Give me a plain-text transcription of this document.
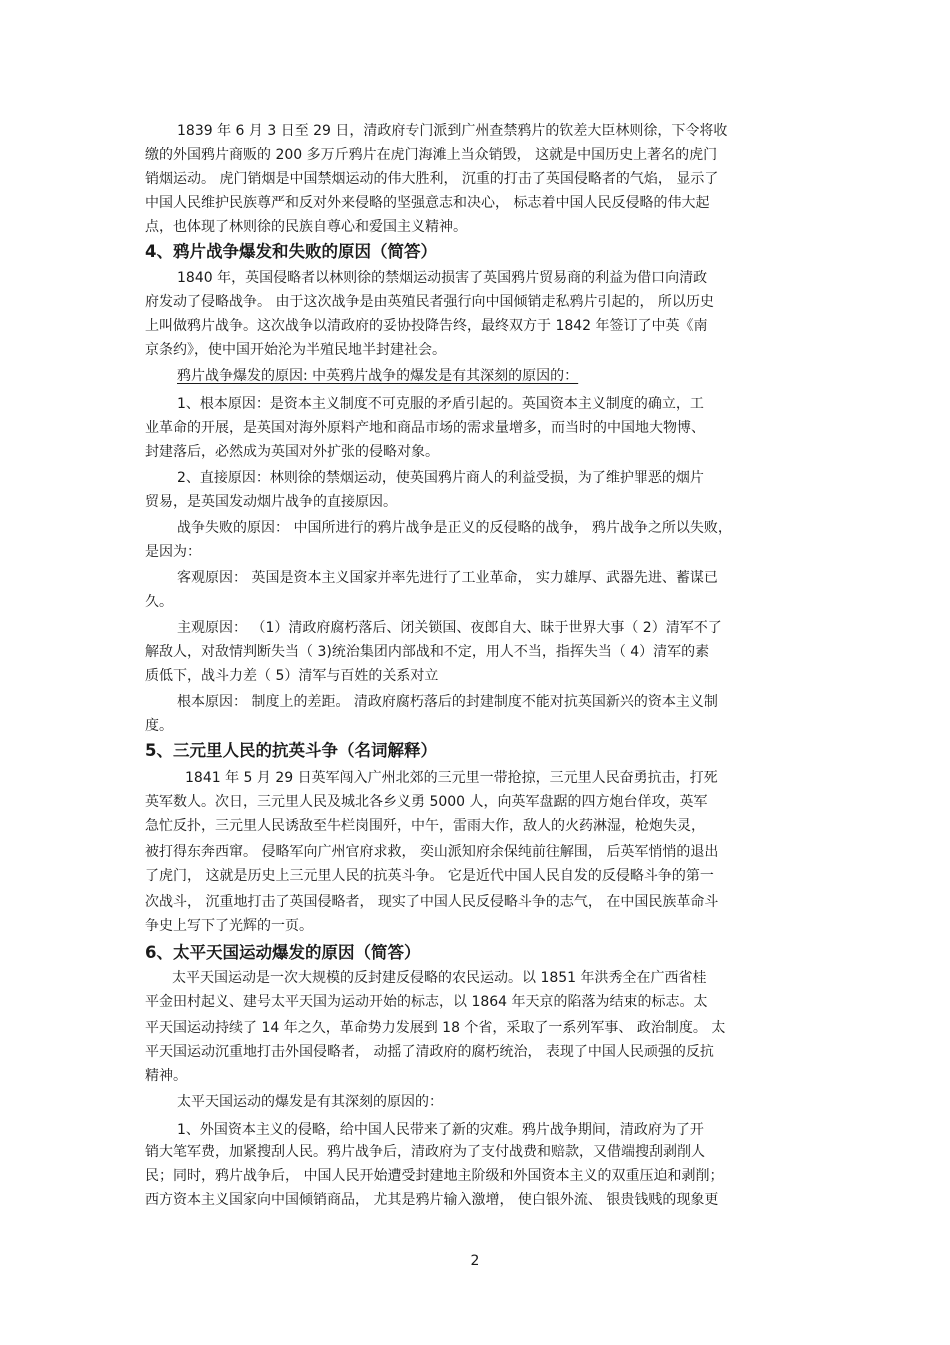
1839 年 6 月 3 日至 29 日，清政府专门派到广州查禁鸦片的钦差大臣林则徐，下令将收

缴的外国鸦片商贩的 200 多万斤鸦片在虎门海滩上当众销毁， 这就是中国历史上著名的虎门

销烟运动。 虎门销烟是中国禁烟运动的伟大胜利， 沉重的打击了英国侵略者的气焰， 显示了

中国人民维护民族尊严和反对外来侵略的坚强意志和决心， 标志着中国人民反侵略的伟大起

点，也体现了林则徐的民族自尊心和爱国主义精神。

4、鸦片战争爆发和失败的原因（简答）

1840 年，英国侵略者以林则徐的禁烟运动损害了英国鸦片贸易商的利益为借口向清政

府发动了侵略战争。 由于这次战争是由英殖民者强行向中国倾销走私鸦片引起的， 所以历史

上叫做鸦片战争。这次战争以清政府的妥协投降告终，最终双方于 1842 年签订了中英《南

京条约》，使中国开始沦为半殖民地半封建社会。

鸦片战争爆发的原因: 中英鸦片战争的爆发是有其深刻的原因的：

1、根本原因：是资本主义制度不可克服的矛盾引起的。英国资本主义制度的确立，工

业革命的开展，是英国对海外原料产地和商品市场的需求量增多，而当时的中国地大物博、

封建落后，必然成为英国对外扩张的侵略对象。

2、直接原因：林则徐的禁烟运动，使英国鸦片商人的利益受损，为了维护罪恶的烟片

贸易，是英国发动烟片战争的直接原因。

战争失败的原因： 中国所进行的鸦片战争是正义的反侵略的战争， 鸦片战争之所以失败，

是因为：

客观原因： 英国是资本主义国家并率先进行了工业革命， 实力雄厚、武器先进、蓄谋已

久。

主观原因： （1）清政府腐朽落后、闭关锁国、夜郎自大、昧于世界大事（ 2）清军不了

解敌人，对敌情判断失当（ 3)统治集团内部战和不定，用人不当，指挥失当（ 4）清军的素

质低下，战斗力差（ 5）清军与百姓的关系对立

根本原因： 制度上的差距。 清政府腐朽落后的封建制度不能对抗英国新兴的资本主义制

度。

5、三元里人民的抗英斗争（名词解释）

1841 年 5 月 29 日英军闯入广州北郊的三元里一带抢掠，三元里人民奋勇抗击，打死

英军数人。次日，三元里人民及城北各乡义勇 5000 人，向英军盘踞的四方炮台佯攻，英军

急忙反扑，三元里人民诱敌至牛栏岗围歼，中午，雷雨大作，敌人的火药淋湿，枪炮失灵，

被打得东奔西窜。 侵略军向广州官府求救， 奕山派知府余保纯前往解围， 后英军悄悄的退出

了虎门， 这就是历史上三元里人民的抗英斗争。 它是近代中国人民自发的反侵略斗争的第一

次战斗， 沉重地打击了英国侵略者， 现实了中国人民反侵略斗争的志气， 在中国民族革命斗

争史上写下了光辉的一页。

6、太平天国运动爆发的原因（简答）

太平天国运动是一次大规模的反封建反侵略的农民运动。以 1851 年洪秀全在广西省桂

平金田村起义、建号太平天国为运动开始的标志，以 1864 年天京的陷落为结束的标志。太

平天国运动持续了 14 年之久，革命势力发展到 18 个省，采取了一系列军事、 政治制度。 太

平天国运动沉重地打击外国侵略者， 动摇了清政府的腐朽统治， 表现了中国人民顽强的反抗

精神。

太平天国运动的爆发是有其深刻的原因的：

1、外国资本主义的侵略，给中国人民带来了新的灾难。鸦片战争期间，清政府为了开

销大笔军费，加紧搜刮人民。鸦片战争后，清政府为了支付战费和赔款，又借端搜刮剥削人

民；同时，鸦片战争后， 中国人民开始遭受封建地主阶级和外国资本主义的双重压迫和剥削；

西方资本主义国家向中国倾销商品， 尤其是鸦片输入激增， 使白银外流、 银贵钱贱的现象更

2
